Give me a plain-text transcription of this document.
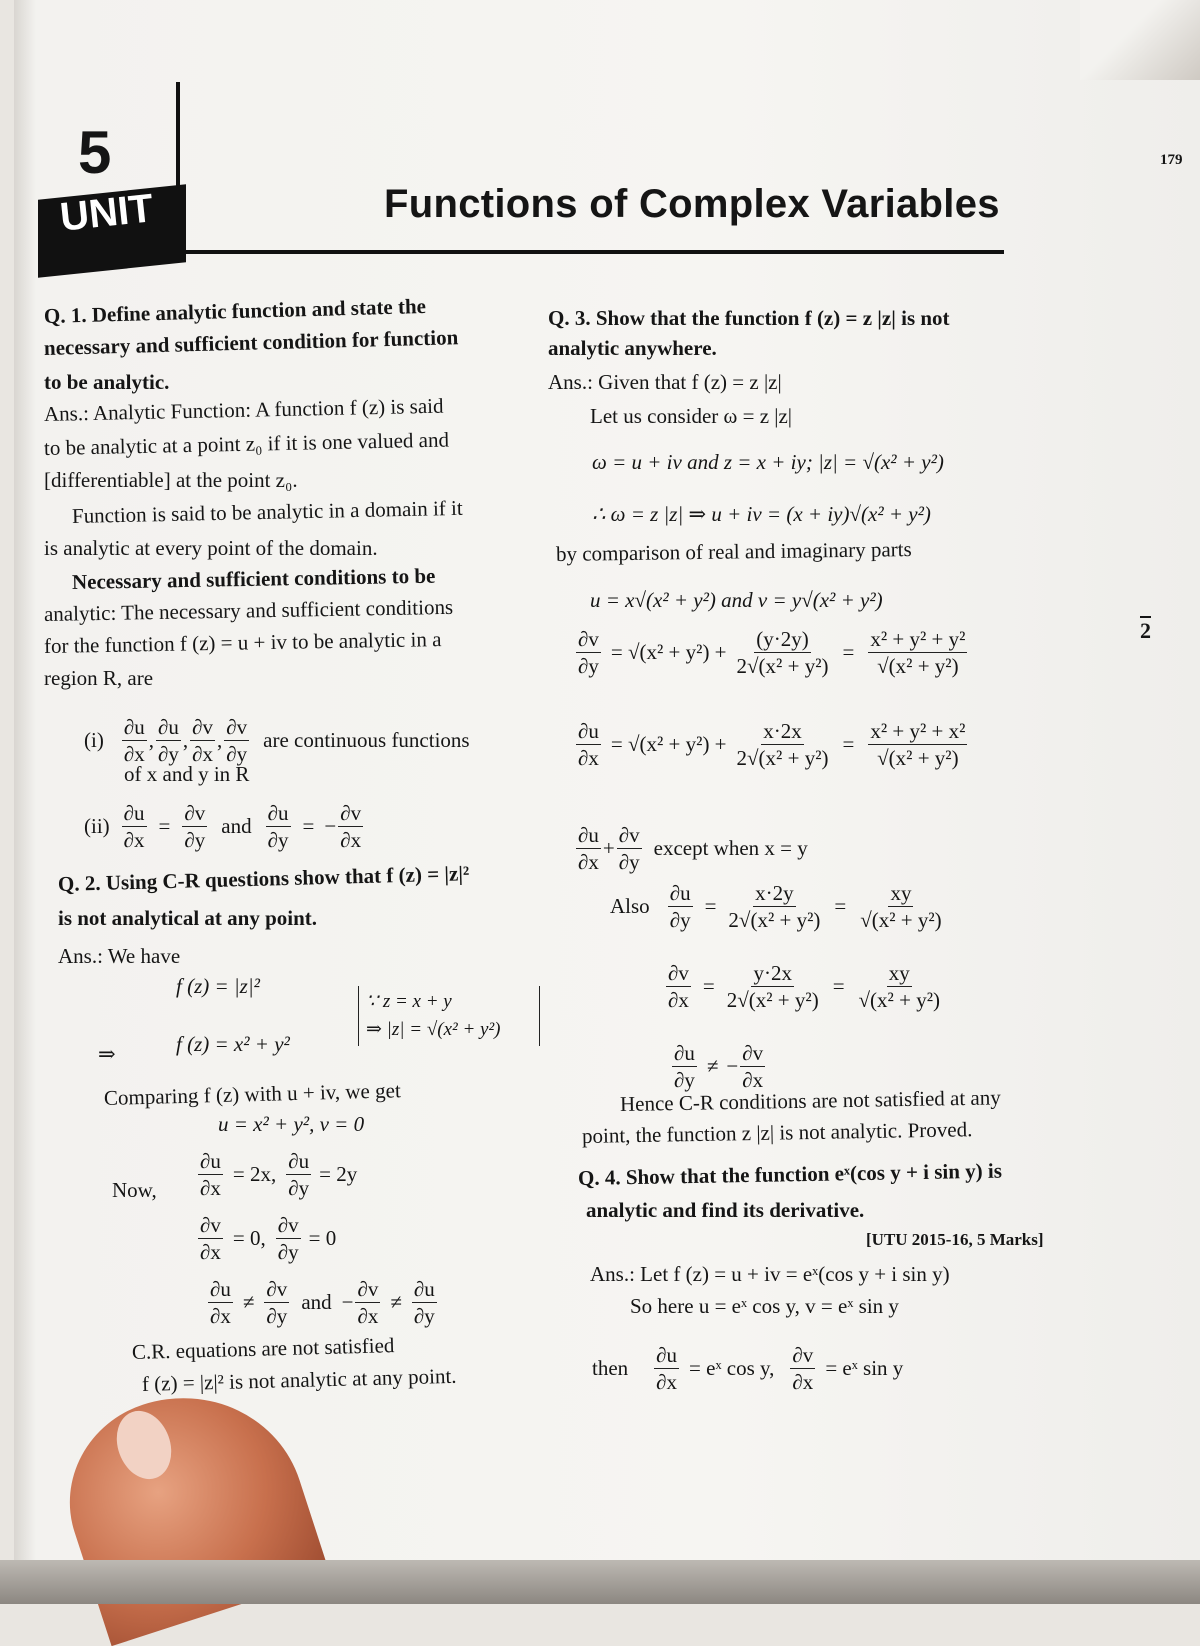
5
UNIT	Functions of Complex Variables
179
2
Q. 1. Define analytic function and state the
necessary and sufficient condition for function
to be analytic.
Ans.: Analytic Function: A function f (z) is said
to be analytic at a point z₀ if it is one valued and
[differentiable] at the point z₀.
Function is said to be analytic in a domain if it
is analytic at every point of the domain.
Necessary and sufficient conditions to be
analytic: The necessary and sufficient conditions
for the function f (z) = u + iv to be analytic in a
region R, are
$(i) \frac{\partial u}{\partial x}$ , $\frac{\partial u}{\partial y}$ , $\frac{\partial v}{\partial x}$ , $\frac{\partial v}{\partial y}$ are continuous functions
of x and y in R
$(ii) \frac{\partial u}{\partial x} = \frac{\partial v}{\partial y}$ and $\frac{\partial u}{\partial y}$ = − $\frac{\partial v}{\partial x}$
Q. 2. Using C-R questions show that f (z) = |z|²
is not analytical at any point.
Ans.: We have
f (z) = |z|²
⇒	f (z) = x² + y²
∵ z = x + y
⇒ |z| = √(x² + y²)
Comparing f (z) with u + iv, we get
u = x² + y², v = 0
Now, $\frac{\partial u}{\partial x} = 2x$, $\frac{\partial u}{\partial y} = 2y$
$\frac{\partial v}{\partial x} = 0$, $\frac{\partial v}{\partial y} = 0$
$\frac{\partial u}{\partial x} \ne \frac{\partial v}{\partial y}$ and − $\frac{\partial v}{\partial x} \ne \frac{\partial u}{\partial y}$
C.R. equations are not satisfied
f (z) = |z|² is not analytic at any point.
Q. 3. Show that the function f (z) = z |z| is not
analytic anywhere.
Ans.: Given that f (z) = z |z|
Let us consider ω = z |z|
ω = u + iv and z = x + iy; |z| = √(x² + y²)
∴ ω = z |z| ⇒ u + iv = (x + iy)√(x² + y²)
by comparison of real and imaginary parts
u = x√(x² + y²) and v = y√(x² + y²)
$\frac{\partial v}{\partial y} = √(x^2 + y^2) + \frac{(y\cdot 2y)}{\text{2√(x² + y²)}} = \frac{\text{x² + y² + y²}}{\text{√(x² + y²)}}$
$\frac{\partial u}{\partial x} = √(x^2 + y^2) + \frac{x\cdot 2x}{\text{2√(x² + y²)}} = \frac{\text{x² + y² + x²}}{\text{√(x² + y²)}}$
$\frac{\partial u}{\partial x} + \frac{\partial v}{\partial y}$ except when x = y
Also $\frac{\partial u}{\partial y} = \frac{x\cdot 2y}{\text{2√(x² + y²)}} = \frac{xy}{\text{√(x² + y²)}}$
$\frac{\partial v}{\partial x} = \frac{y\cdot 2x}{\text{2√(x² + y²)}} = \frac{xy}{\text{√(x² + y²)}}$
$\frac{\partial u}{\partial y}$ ≠ − $\frac{\partial v}{\partial x}$
Hence C-R conditions are not satisfied at any
point, the function z |z| is not analytic. Proved.
Q. 4. Show that the function eˣ(cos y + i sin y) is
analytic and find its derivative.
[UTU 2015-16, 5 Marks]
Ans.: Let f (z) = u + iv = eˣ(cos y + i sin y)
So here u = eˣ cos y, v = eˣ sin y
then $\frac{\partial u}{\partial x}$ = eˣ cos y, $\frac{\partial v}{\partial x}$ = eˣ sin y
